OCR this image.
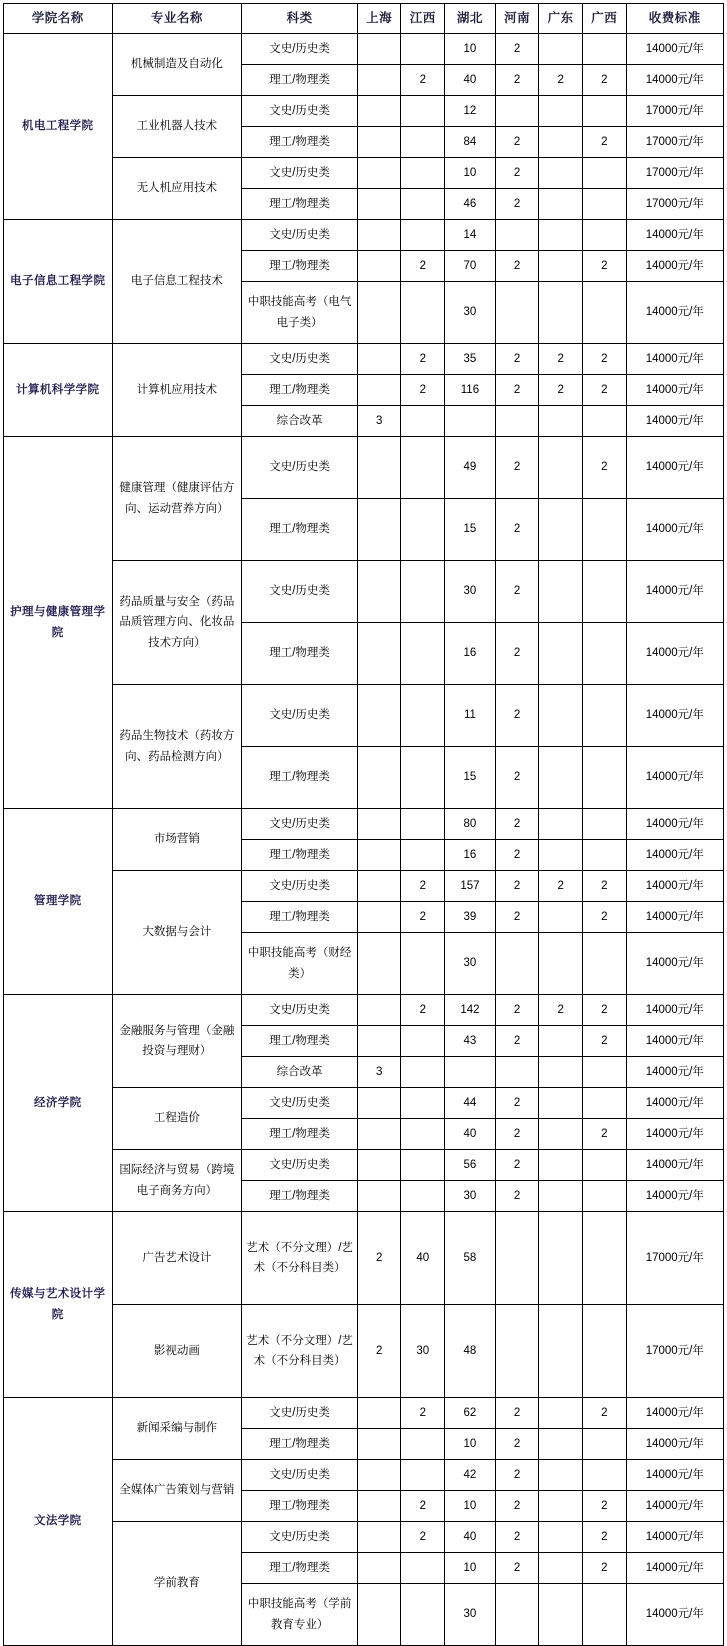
学院名称	专业名称	科类	上海	江西	湖北	河南	广东	广西	收费标准
机电工程学院	机械制造及自动化	文史/历史类			10	2			14000元/年
		理工/物理类		2	40	2	2	2	14000元/年
	工业机器人技术	文史/历史类			12				17000元/年
		理工/物理类			84	2		2	17000元/年
	无人机应用技术	文史/历史类			10	2			17000元/年
		理工/物理类			46	2			17000元/年
电子信息工程学院	电子信息工程技术	文史/历史类			14				14000元/年
		理工/物理类		2	70	2		2	14000元/年
		中职技能高考（电气电子类）			30				14000元/年
计算机科学学院	计算机应用技术	文史/历史类		2	35	2	2	2	14000元/年
		理工/物理类		2	116	2	2	2	14000元/年
		综合改革	3						14000元/年
护理与健康管理学院	健康管理（健康评估方向、运动营养方向）	文史/历史类			49	2		2	14000元/年
		理工/物理类			15	2			14000元/年
	药品质量与安全（药品品质管理方向、化妆品技术方向）	文史/历史类			30	2			14000元/年
		理工/物理类			16	2			14000元/年
	药品生物技术（药妆方向、药品检测方向）	文史/历史类			11	2			14000元/年
		理工/物理类			15	2			14000元/年
管理学院	市场营销	文史/历史类			80	2			14000元/年
		理工/物理类			16	2			14000元/年
	大数据与会计	文史/历史类		2	157	2	2	2	14000元/年
		理工/物理类		2	39	2		2	14000元/年
		中职技能高考（财经类）			30				14000元/年
经济学院	金融服务与管理（金融投资与理财）	文史/历史类		2	142	2	2	2	14000元/年
		理工/物理类			43	2		2	14000元/年
		综合改革	3						14000元/年
	工程造价	文史/历史类			44	2			14000元/年
		理工/物理类			40	2		2	14000元/年
	国际经济与贸易（跨境电子商务方向）	文史/历史类			56	2			14000元/年
		理工/物理类			30	2			14000元/年
传媒与艺术设计学院	广告艺术设计	艺术（不分文理）/艺术（不分科目类）	2	40	58				17000元/年
	影视动画	艺术（不分文理）/艺术（不分科目类）	2	30	48				17000元/年
文法学院	新闻采编与制作	文史/历史类		2	62	2		2	14000元/年
		理工/物理类			10	2			14000元/年
	全媒体广告策划与营销	文史/历史类			42	2			14000元/年
		理工/物理类		2	10	2		2	14000元/年
	学前教育	文史/历史类		2	40	2		2	14000元/年
		理工/物理类			10	2		2	14000元/年
		中职技能高考（学前教育专业）			30				14000元/年
